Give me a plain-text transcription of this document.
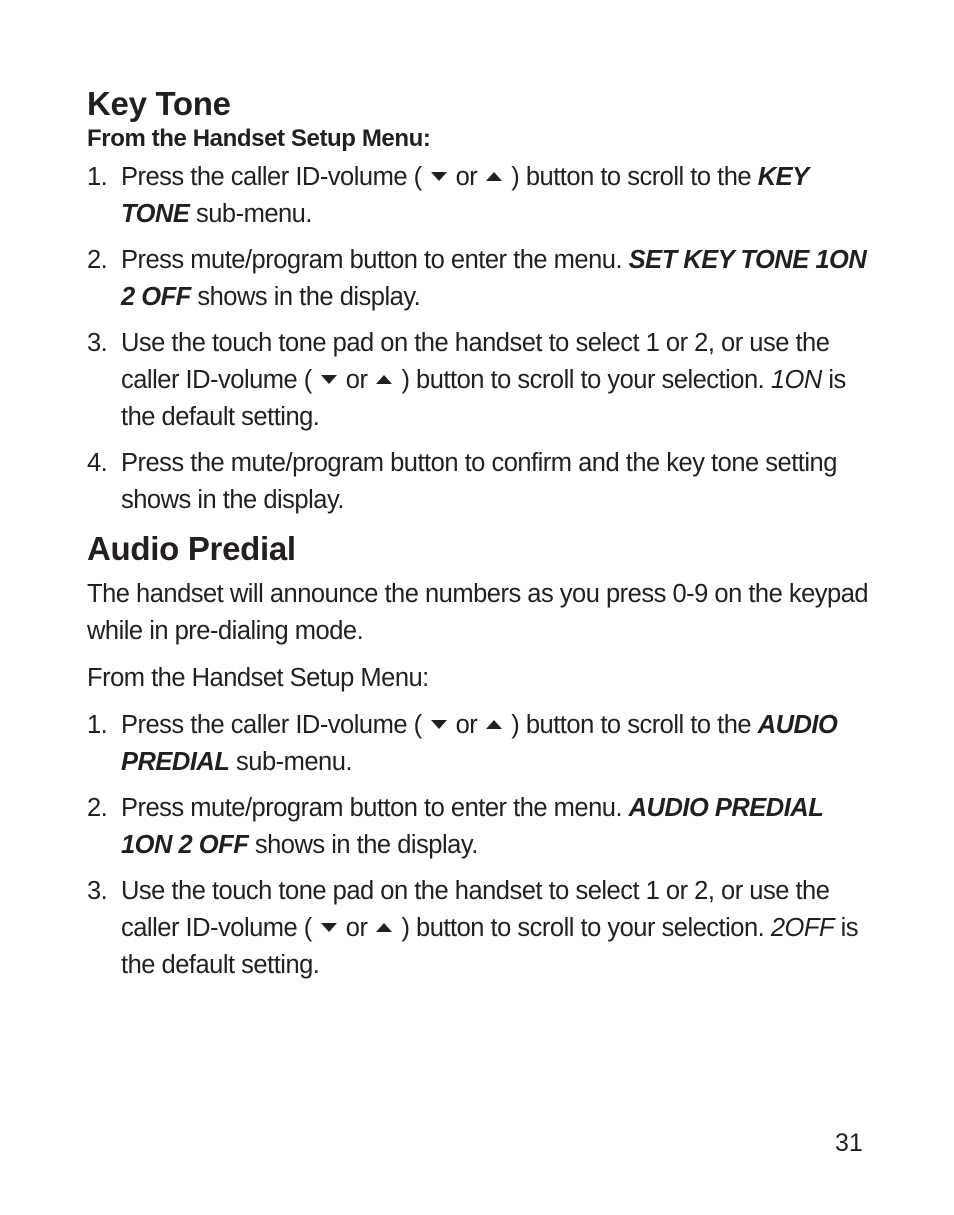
Key Tone
From the Handset Setup Menu:
1. Press the caller ID-volume ( or ) button to scroll to the KEY TONE sub-menu.
2. Press mute/program button to enter the menu. SET KEY TONE 1ON 2 OFF shows in the display.
3. Use the touch tone pad on the handset to select 1 or 2, or use the caller ID-volume ( or ) button to scroll to your selection. 1ON is the default setting.
4. Press the mute/program button to confirm and the key tone setting shows in the display.
Audio Predial
The handset will announce the numbers as you press 0-9 on the keypad while in pre-dialing mode.
From the Handset Setup Menu:
1. Press the caller ID-volume ( or ) button to scroll to the AUDIO PREDIAL sub-menu.
2. Press mute/program button to enter the menu. AUDIO PREDIAL 1ON 2 OFF shows in the display.
3. Use the touch tone pad on the handset to select 1 or 2, or use the caller ID-volume ( or ) button to scroll to your selection. 2OFF is the default setting.
31
